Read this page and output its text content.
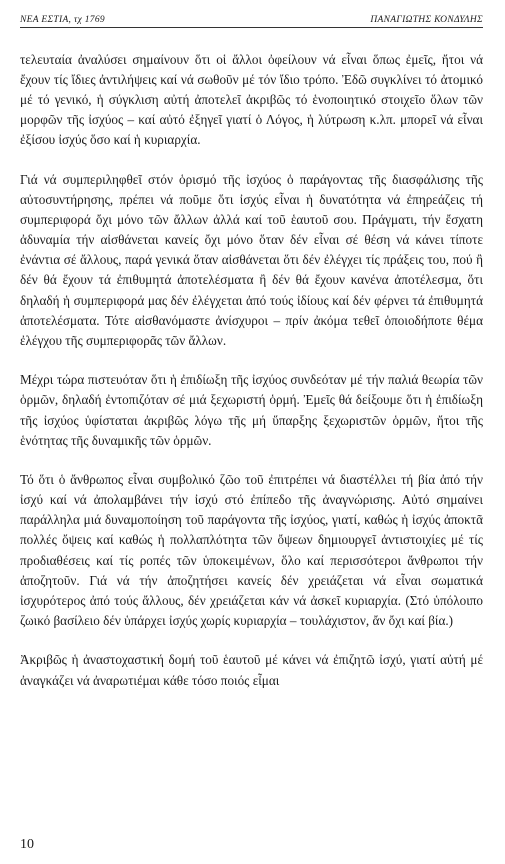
ΝΕΑ ΕΣΤΙΑ, τχ 1769	ΠΑΝΑΓΙΩΤΗΣ ΚΟΝΔΥΛΗΣ

τελευταία ἀναλύσει σημαίνουν ὅτι οἱ ἄλλοι ὀφείλουν νά εἶναι ὅπως ἐμεῖς, ἤτοι νά ἔχουν τίς ἴδιες ἀντιλήψεις καί νά σωθοῦν μέ τόν ἴδιο τρόπο. Ἐδῶ συγκλίνει τό ἀτομικό μέ τό γενικό, ἡ σύγκλιση αὐτή ἀποτελεῖ ἀκριβῶς τό ἑνοποιητικό στοιχεῖο ὅλων τῶν μορφῶν τῆς ἰσχύος – καί αὐτό ἐξηγεῖ γιατί ὁ Λόγος, ἡ λύτρωση κ.λπ. μπορεῖ νά εἶναι ἐξίσου ἰσχύς ὅσο καί ἡ κυριαρχία.

Γιά νά συμπεριληφθεῖ στόν ὁρισμό τῆς ἰσχύος ὁ παράγοντας τῆς διασφάλισης τῆς αὐτοσυντήρησης, πρέπει νά ποῦμε ὅτι ἰσχύς εἶναι ἡ δυνατότητα νά ἐπηρεάζεις τή συμπεριφορά ὄχι μόνο τῶν ἄλλων ἀλλά καί τοῦ ἑαυτοῦ σου. Πράγματι, τήν ἔσχατη ἀδυναμία τήν αἰσθάνεται κανείς ὄχι μόνο ὅταν δέν εἶναι σέ θέση νά κάνει τίποτε ἐνάντια σέ ἄλλους, παρά γενικά ὅταν αἰσθάνεται ὅτι δέν ἐλέγχει τίς πράξεις του, πού ἢ δέν θά ἔχουν τά ἐπιθυμητά ἀποτελέσματα ἢ δέν θά ἔχουν κανένα ἀποτέλεσμα, ὅτι δηλαδή ἡ συμπεριφορά μας δέν ἐλέγχεται ἀπό τούς ἰδίους καί δέν φέρνει τά ἐπιθυμητά ἀποτελέσματα. Τότε αἰσθανόμαστε ἀνίσχυροι – πρίν ἀκόμα τεθεῖ ὁποιοδήποτε θέμα ἐλέγχου τῆς συμπεριφορᾶς τῶν ἄλλων.

Μέχρι τώρα πιστευόταν ὅτι ἡ ἐπιδίωξη τῆς ἰσχύος συνδεόταν μέ τήν παλιά θεωρία τῶν ὁρμῶν, δηλαδή ἐντοπιζόταν σέ μιά ξεχωριστή ὁρμή. Ἐμεῖς θά δείξουμε ὅτι ἡ ἐπιδίωξη τῆς ἰσχύος ὑφίσταται ἀκριβῶς λόγω τῆς μή ὕπαρξης ξεχωριστῶν ὁρμῶν, ἤτοι τῆς ἑνότητας τῆς δυναμικῆς τῶν ὁρμῶν.

Τό ὅτι ὁ ἄνθρωπος εἶναι συμβολικό ζῶο τοῦ ἐπιτρέπει νά διαστέλλει τή βία ἀπό τήν ἰσχύ καί νά ἀπολαμβάνει τήν ἰσχύ στό ἐπίπεδο τῆς ἀναγνώρισης. Αὐτό σημαίνει παράλληλα μιά δυναμοποίηση τοῦ παράγοντα τῆς ἰσχύος, γιατί, καθώς ἡ ἰσχύς ἀποκτᾶ πολλές ὄψεις καί καθώς ἡ πολλαπλότητα τῶν ὄψεων δημιουργεῖ ἀντιστοιχίες μέ τίς προδιαθέσεις καί τίς ροπές τῶν ὑποκειμένων, ὅλο καί περισσότεροι ἄνθρωποι τήν ἀποζητοῦν. Γιά νά τήν ἀποζητήσει κανείς δέν χρειάζεται νά εἶναι σωματικά ἰσχυρότερος ἀπό τούς ἄλλους, δέν χρειάζεται κάν νά ἀσκεῖ κυριαρχία. (Στό ὑπόλοιπο ζωικό βασίλειο δέν ὑπάρχει ἰσχύς χωρίς κυριαρχία – τουλάχιστον, ἄν ὄχι καί βία.)

Ἀκριβῶς ἡ ἀναστοχαστική δομή τοῦ ἑαυτοῦ μέ κάνει νά ἐπιζητῶ ἰσχύ, γιατί αὐτή μέ ἀναγκάζει νά ἀναρωτιέμαι κάθε τόσο ποιός εἶμαι

10
